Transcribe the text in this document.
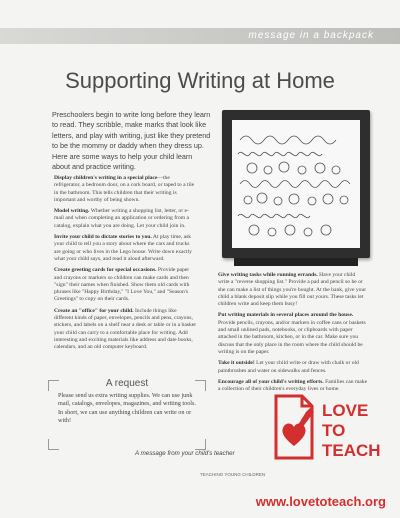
message in a backpack
Supporting Writing at Home
Preschoolers begin to write long before they learn to read. They scribble, make marks that look like letters, and play with writing, just like they pretend to be the mommy or daddy when they dress up. Here are some ways to help your child learn about and practice writing.

Display children's writing in a special place—the refrigerator, a bedroom door, on a cork board, or taped to a tile in the bathroom. This tells children that their writing is important and worthy of being shown.

Model writing. Whether writing a shopping list, letter, or e-mail and when completing an application or ordering from a catalog, explain what you are doing. Let your child join in.

Invite your child to dictate stories to you. At play time, ask your child to tell you a story about where the cars and trucks are going or who lives in the Lego house. Write down exactly what your child says, and read it aloud afterward.

Create greeting cards for special occasions. Provide paper and crayons or markers so children can make cards and then "sign" their names when finished. Show them old cards with phrases like "Happy Birthday," "I Love You," and "Season's Greetings" to copy on their cards.

Create an "office" for your child. Include things like different kinds of paper, envelopes, pencils and pens, crayons, stickers, and labels on a shelf near a desk or table or in a basket your child can carry to a comfortable place for writing. Add interesting and exciting materials like address and date books, calendars, and an old computer keyboard.

Give writing tasks while running errands. Have your child write a "reverse shopping list." Provide a pad and pencil so he or she can make a list of things you're bought. At the bank, give your child a blank deposit slip while you fill out yours. These tasks let children write and keep them busy!

Put writing materials in several places around the house. Provide pencils, crayons, and/or markers in coffee cans or baskets and small unlined pads, notebooks, or clipboards with paper attached in the bathroom, kitchen, or in the car. Make sure you discuss that the only place in the room where the child should be writing is on the paper.

Take it outside! Let your child write or draw with chalk or old paintbrushes and water on sidewalks and fences.

Encourage all of your child's writing efforts. Families can make a collection of their children's everyday lives or home.

A request
Please send us extra writing supplies. We can use junk mail, catalogs, envelopes, magazines, and writing tools. In short, we can use anything children can write on or with!
A message from your child's teacher
TEACHING YOUNG CHILDREN
LOVE
TO
TEACH
www.lovetoteach.org
